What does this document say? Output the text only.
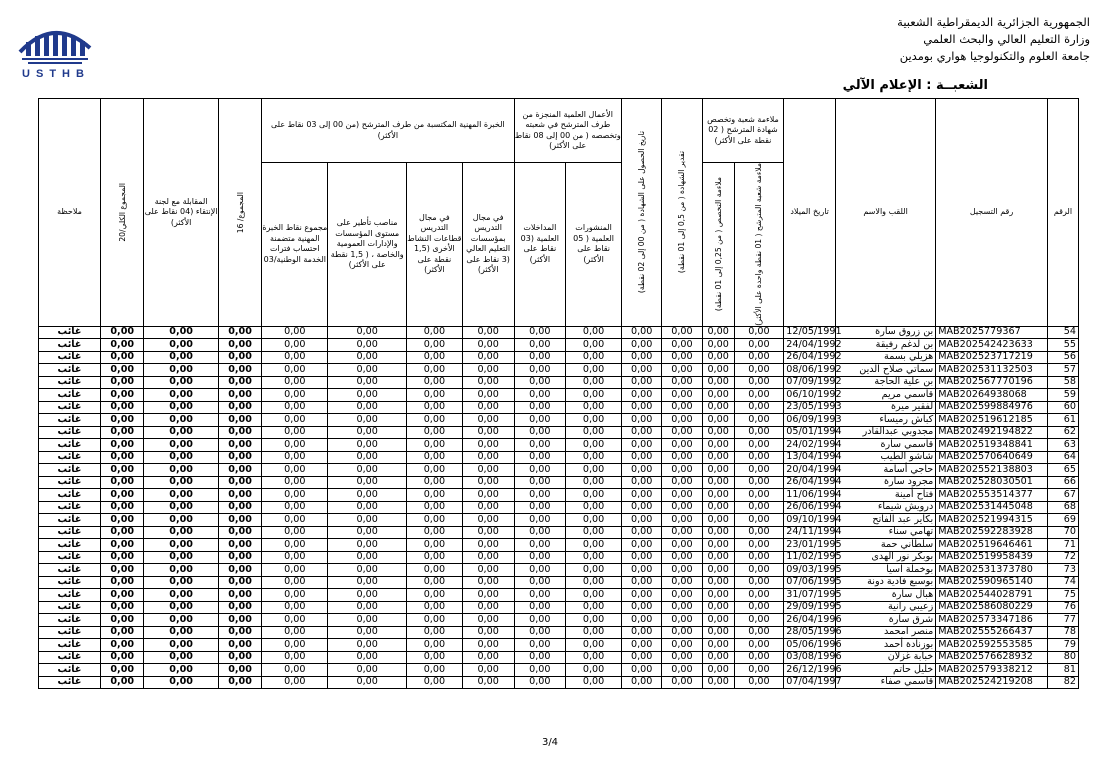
الجمهورية الجزائرية الديمقراطية الشعبية
وزارة التعليم العالي والبحث العلمي
جامعة العلوم والتكنولوجيا هواري بومدين
USTHB
الشعبــة : الإعلام الآلي
ملاحظة	المجموع الكلي/20	المقابلة مع لجنة الإنتقاء (04 نقاط على الأكثر)	المجموع/ 16	الخبرة المهنية المكتسبة من طرف المترشح (من 00 إلى 03 نقاط على الأكثر)				الأعمال العلمية المنجزة من طرف المترشح في شعبته وتخصصه ( من 00 إلى 08 نقاط على الأكثر)		تاريخ الحصول على الشهادة ( من 00 إلى 02 نقطة)	تقدير الشهادة ( من 0,5 إلى 01 نقطة)	ملاءمة شعبة وتخصص شهادة المترشح ( 02 نقطة على الأكثر)		تاريخ الميلاد	اللقب والاسم	رقم التسجيل	الرقم
				مجموع نقاط الخبرة المهنية متضمنة احتساب فترات الخدمة الوطنية/03	مناصب تأطير على مستوى المؤسسات والإدارات العمومية والخاصة ، ( 1,5 نقطة على الأكثر)	في مجال التدريس قطاعات النشاط الأخرى (1,5 نقطة على الأكثر)	في مجال التدريس بمؤسسات التعليم العالي (3 نقاط على الأكثر)	المداخلات العلمية (03 نقاط على الأكثر)	المنشورات العلمية ( 05 نقاط على الأكثر)			ملاءمة التخصص ( من 0,25 إلى 01 نقطة)	ملاءمة شعبة المترشح ( 01 نقطة واحدة على الأكثر)				

غائب	0,00	0,00	0,00	0,00	0,00	0,00	0,00	0,00	0,00	0,00	0,00	0,00	0,00	12/05/1991	بن زروق سارة	MAB2025779367	54
غائب	0,00	0,00	0,00	0,00	0,00	0,00	0,00	0,00	0,00	0,00	0,00	0,00	0,00	24/04/1992	بن لدغم رفيقة	MAB202542423633	55
غائب	0,00	0,00	0,00	0,00	0,00	0,00	0,00	0,00	0,00	0,00	0,00	0,00	0,00	26/04/1992	هزيلي بسمة	MAB202523717219	56
غائب	0,00	0,00	0,00	0,00	0,00	0,00	0,00	0,00	0,00	0,00	0,00	0,00	0,00	08/06/1992	سماتي صلاح الدين	MAB202531132503	57
غائب	0,00	0,00	0,00	0,00	0,00	0,00	0,00	0,00	0,00	0,00	0,00	0,00	0,00	07/09/1992	بن علية الحاجة	MAB202567770196	58
غائب	0,00	0,00	0,00	0,00	0,00	0,00	0,00	0,00	0,00	0,00	0,00	0,00	0,00	06/10/1992	قاسمي مريم	MAB20264938068	59
غائب	0,00	0,00	0,00	0,00	0,00	0,00	0,00	0,00	0,00	0,00	0,00	0,00	0,00	23/05/1993	لفقير ميرة	MAB202599884976	60
غائب	0,00	0,00	0,00	0,00	0,00	0,00	0,00	0,00	0,00	0,00	0,00	0,00	0,00	06/09/1993	كباش رميساء	MAB202519612185	61
غائب	0,00	0,00	0,00	0,00	0,00	0,00	0,00	0,00	0,00	0,00	0,00	0,00	0,00	05/01/1994	مجدوبي عبدالقادر	MAB202492194822	62
غائب	0,00	0,00	0,00	0,00	0,00	0,00	0,00	0,00	0,00	0,00	0,00	0,00	0,00	24/02/1994	قاسمي سارة	MAB202519348841	63
غائب	0,00	0,00	0,00	0,00	0,00	0,00	0,00	0,00	0,00	0,00	0,00	0,00	0,00	13/04/1994	شاشو الطيب	MAB202570640649	64
غائب	0,00	0,00	0,00	0,00	0,00	0,00	0,00	0,00	0,00	0,00	0,00	0,00	0,00	20/04/1994	حاجي أسامة	MAB202552138803	65
غائب	0,00	0,00	0,00	0,00	0,00	0,00	0,00	0,00	0,00	0,00	0,00	0,00	0,00	26/04/1994	مجرود سارة	MAB202528030501	66
غائب	0,00	0,00	0,00	0,00	0,00	0,00	0,00	0,00	0,00	0,00	0,00	0,00	0,00	11/06/1994	فتاح أمينة	MAB202553514377	67
غائب	0,00	0,00	0,00	0,00	0,00	0,00	0,00	0,00	0,00	0,00	0,00	0,00	0,00	26/06/1994	درويش شيماء	MAB202531445048	68
غائب	0,00	0,00	0,00	0,00	0,00	0,00	0,00	0,00	0,00	0,00	0,00	0,00	0,00	09/10/1994	بكاير عبد الفاتح	MAB202521994315	69
غائب	0,00	0,00	0,00	0,00	0,00	0,00	0,00	0,00	0,00	0,00	0,00	0,00	0,00	24/11/1994	تهامي سناء	MAB202592283928	70
غائب	0,00	0,00	0,00	0,00	0,00	0,00	0,00	0,00	0,00	0,00	0,00	0,00	0,00	23/01/1995	سلطاني حمة	MAB202519646461	71
غائب	0,00	0,00	0,00	0,00	0,00	0,00	0,00	0,00	0,00	0,00	0,00	0,00	0,00	11/02/1995	بوبكر نور الهدى	MAB202519958439	72
غائب	0,00	0,00	0,00	0,00	0,00	0,00	0,00	0,00	0,00	0,00	0,00	0,00	0,00	09/03/1995	بوخملة آسيا	MAB202531373780	73
غائب	0,00	0,00	0,00	0,00	0,00	0,00	0,00	0,00	0,00	0,00	0,00	0,00	0,00	07/06/1995	بوسبع فادية دونة	MAB202590965140	74
غائب	0,00	0,00	0,00	0,00	0,00	0,00	0,00	0,00	0,00	0,00	0,00	0,00	0,00	31/07/1995	هبال سارة	MAB202544028791	75
غائب	0,00	0,00	0,00	0,00	0,00	0,00	0,00	0,00	0,00	0,00	0,00	0,00	0,00	29/09/1995	زعيبي رانية	MAB202586080229	76
غائب	0,00	0,00	0,00	0,00	0,00	0,00	0,00	0,00	0,00	0,00	0,00	0,00	0,00	26/04/1996	شرق سارة	MAB202573347186	77
غائب	0,00	0,00	0,00	0,00	0,00	0,00	0,00	0,00	0,00	0,00	0,00	0,00	0,00	28/05/1996	منصر امحمد	MAB202555266437	78
غائب	0,00	0,00	0,00	0,00	0,00	0,00	0,00	0,00	0,00	0,00	0,00	0,00	0,00	05/06/1996	بوزنادة أحمد	MAB202592553585	79
غائب	0,00	0,00	0,00	0,00	0,00	0,00	0,00	0,00	0,00	0,00	0,00	0,00	0,00	03/08/1996	خبابة غزلان	MAB202576628932	80
غائب	0,00	0,00	0,00	0,00	0,00	0,00	0,00	0,00	0,00	0,00	0,00	0,00	0,00	26/12/1996	خليل حاتم	MAB202579338212	81
غائب	0,00	0,00	0,00	0,00	0,00	0,00	0,00	0,00	0,00	0,00	0,00	0,00	0,00	07/04/1997	قاسمي صفاء	MAB202524219208	82
3/4
